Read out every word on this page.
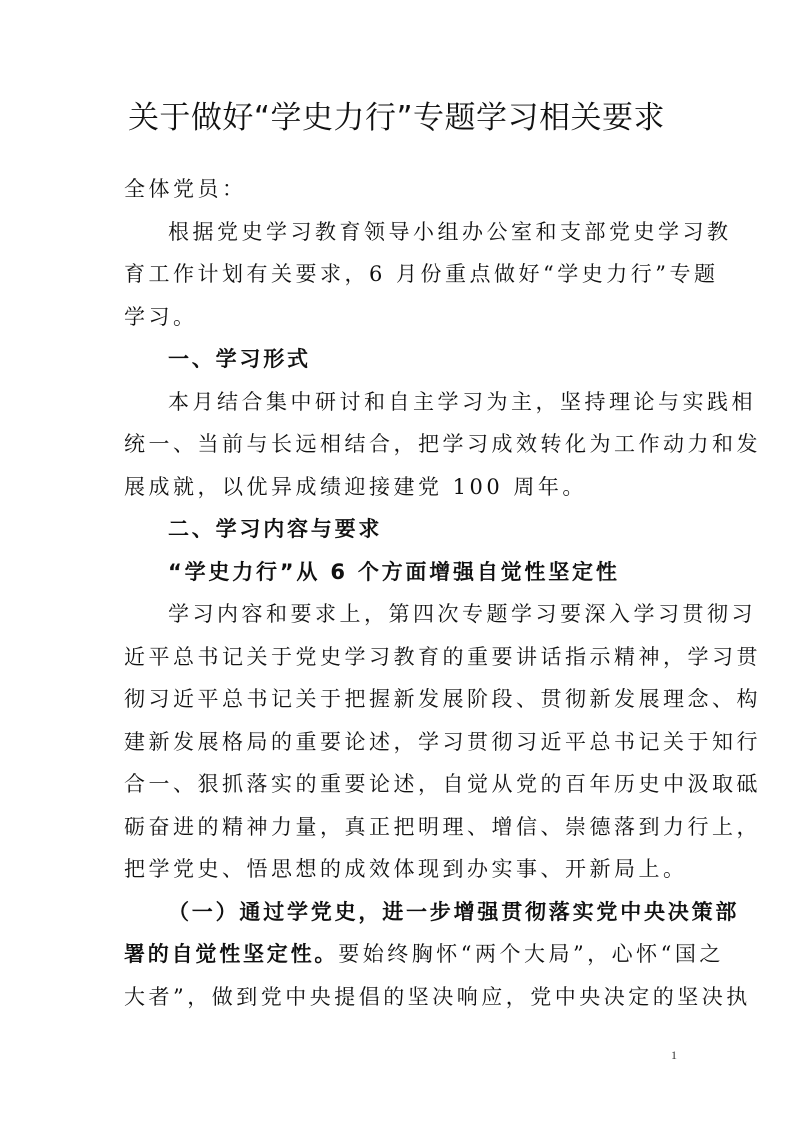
关于做好“学史力行”专题学习相关要求
全体党员：
根据党史学习教育领导小组办公室和支部党史学习教
育工作计划有关要求，6 月份重点做好“学史力行”专题
学习。
一、学习形式
本月结合集中研讨和自主学习为主，坚持理论与实践相
统一、当前与长远相结合，把学习成效转化为工作动力和发
展成就，以优异成绩迎接建党 100 周年。
二、学习内容与要求
“学史力行”从 6 个方面增强自觉性坚定性
学习内容和要求上，第四次专题学习要深入学习贯彻习
近平总书记关于党史学习教育的重要讲话指示精神，学习贯
彻习近平总书记关于把握新发展阶段、贯彻新发展理念、构
建新发展格局的重要论述，学习贯彻习近平总书记关于知行
合一、狠抓落实的重要论述，自觉从党的百年历史中汲取砥
砺奋进的精神力量，真正把明理、增信、崇德落到力行上，
把学党史、悟思想的成效体现到办实事、开新局上。
（一）通过学党史，进一步增强贯彻落实党中央决策部
署的自觉性坚定性。要始终胸怀“两个大局”，心怀“国之
大者”，做到党中央提倡的坚决响应，党中央决定的坚决执
1
